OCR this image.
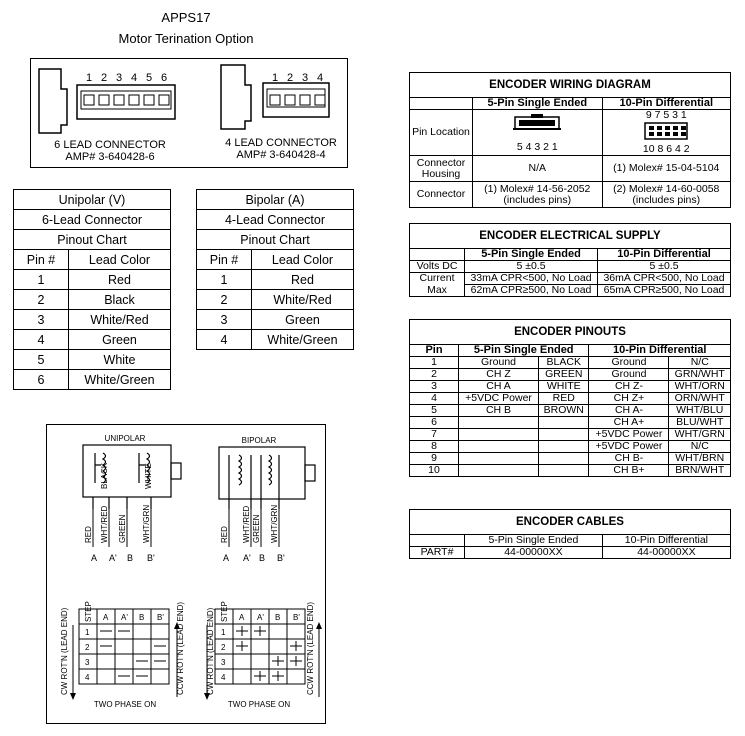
APPS17
Motor Terination Option
1 2 3 4 5 6	1 2 3 4
6 LEAD CONNECTOR
AMP# 3-640428-6
4 LEAD CONNECTOR
AMP# 3-640428-4
Unipolar (V)	
6-Lead Connector	
Pinout Chart	
Pin #	Lead Color
1	Red
2	Black
3	White/Red
4	Green
5	White
6	White/Green
Bipolar (A)	
4-Lead Connector	
Pinout Chart	
Pin #	Lead Color
1	Red
2	White/Red
3	Green
4	White/Green
ENCODER WIRING DIAGRAM		
	5-Pin Single Ended	10-Pin Differential
Pin Location	5 4 3 2 1	9 7 5 3 1
10 8 6 4 2

Connector Housing	N/A	(1) Molex# 15-04-5104
Connector	(1) Molex# 14-56-2052 (includes pins)	(2) Molex# 14-60-0058 (includes pins)
ENCODER ELECTRICAL SUPPLY		
	5-Pin Single Ended	10-Pin Differential
Volts DC	5 ±0.5	5 ±0.5
Current	33mA CPR<500, No Load	36mA CPR<500, No Load
Max	62mA CPR≥500, No Load	65mA CPR≥500, No Load
ENCODER PINOUTS				
Pin	5-Pin Single Ended		10-Pin Differential	
1	Ground	BLACK	Ground	N/C
2	CH Z	GREEN	Ground	GRN/WHT
3	CH A	WHITE	CH Z-	WHT/ORN
4	+5VDC Power	RED	CH Z+	ORN/WHT
5	CH B	BROWN	CH A-	WHT/BLU
6			CH A+	BLU/WHT
7			+5VDC Power	WHT/GRN
8			+5VDC Power	N/C
9			CH B-	WHT/BRN
10			CH B+	BRN/WHT
ENCODER CABLES		
	5-Pin Single Ended	10-Pin Differential
PART#	44-00000XX	44-00000XX
UNIPOLAR	BIPOLAR
BLACK	WHITE
RED WHT/RED GREEN WHT/GRN	RED WHT/RED GREEN WHT/GRN
A A' B B'	A A' B B'
STEP A A' B B'
1
2
3
4
STEP A A' B B'
1
2
3
4
CW ROT'N (LEAD END)	CCW ROT'N (LEAD END)	CW ROT'N (LEAD END)	CCW ROT'N (LEAD END)
TWO PHASE ON	TWO PHASE ON
